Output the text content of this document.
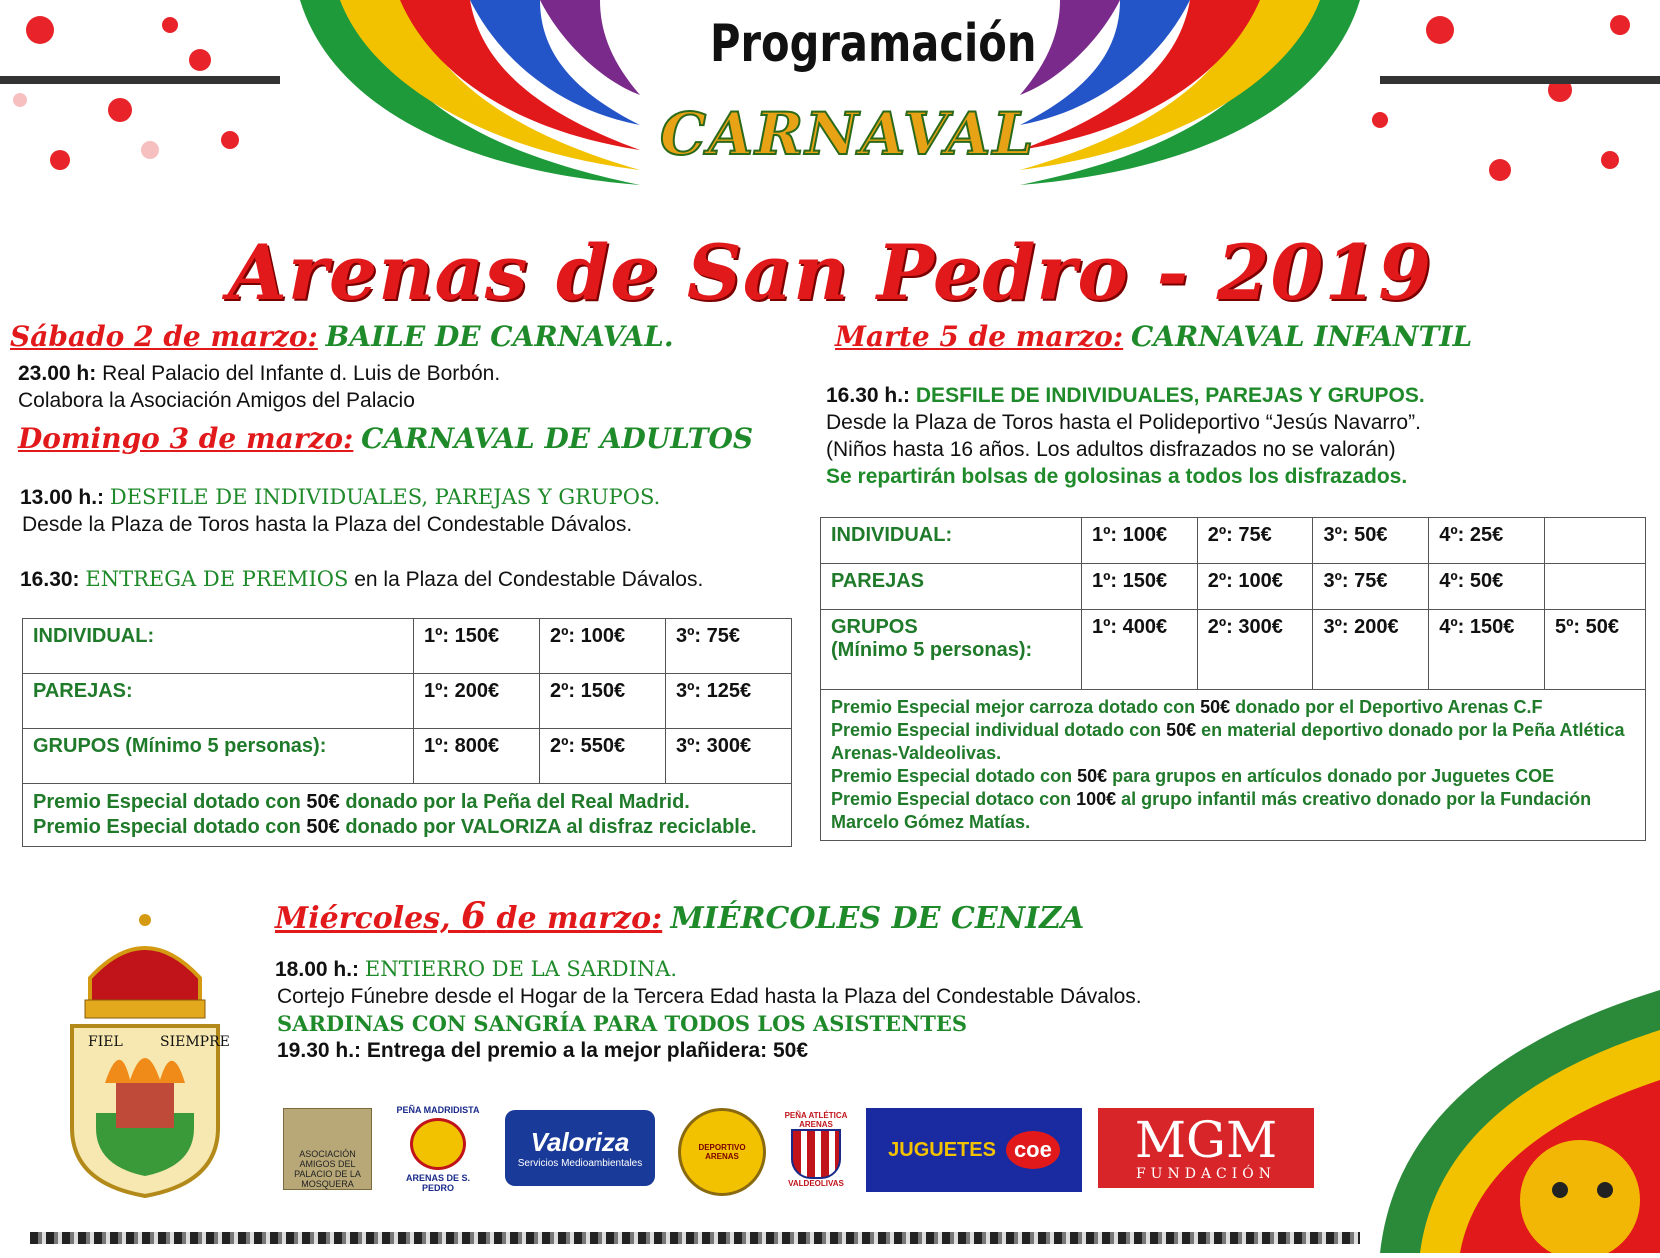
Programación
CARNAVAL
Arenas de San Pedro - 2019
Sábado 2 de marzo: BAILE DE CARNAVAL.
23.00 h: Real Palacio del Infante d. Luis de Borbón.
Colabora la Asociación Amigos del Palacio
Domingo 3 de marzo: CARNAVAL DE ADULTOS
13.00 h.: DESFILE DE INDIVIDUALES, PAREJAS Y GRUPOS.
Desde la Plaza de Toros hasta la Plaza del Condestable Dávalos.
16.30: ENTREGA DE PREMIOS en la Plaza del Condestable Dávalos.
INDIVIDUAL:	1º: 150€	2º: 100€	3º: 75€
PAREJAS:	1º: 200€	2º: 150€	3º: 125€
GRUPOS (Mínimo 5 personas):	1º: 800€	2º: 550€	3º: 300€
Premio Especial dotado con 50€ donado por la Peña del Real Madrid.
Premio Especial dotado con 50€ donado por VALORIZA al disfraz reciclable.			
Marte 5 de marzo: CARNAVAL INFANTIL
16.30 h.: DESFILE DE INDIVIDUALES, PAREJAS Y GRUPOS.
Desde la Plaza de Toros hasta el Polideportivo “Jesús Navarro”.
(Niños hasta 16 años. Los adultos disfrazados no se valorán)
Se repartirán bolsas de golosinas a todos los disfrazados.
INDIVIDUAL:	1º: 100€	2º: 75€	3º: 50€	4º: 25€	
PAREJAS	1º: 150€	2º: 100€	3º: 75€	4º: 50€	
GRUPOS
(Mínimo 5 personas):	1º: 400€	2º: 300€	3º: 200€	4º: 150€	5º: 50€
Premio Especial mejor carroza dotado con 50€ donado por el Deportivo Arenas C.F
Premio Especial individual dotado con 50€ en material deportivo donado por la Peña Atlética Arenas-Valdeolivas.
Premio Especial dotado con 50€ para grupos en artículos donado por Juguetes COE
Premio Especial dotaco con 100€ al grupo infantil más creativo donado por la Fundación Marcelo Gómez Matías.					
Miércoles, 6 de marzo: MIÉRCOLES DE CENIZA
18.00 h.: ENTIERRO DE LA SARDINA.
Cortejo Fúnebre desde el Hogar de la Tercera Edad hasta la Plaza del Condestable Dávalos.
SARDINAS CON SANGRÍA PARA TODOS LOS ASISTENTES
19.30 h.: Entrega del premio a la mejor plañidera: 50€
FIEL	SIEMPRE
ASOCIACIÓN AMIGOS DEL PALACIO DE LA MOSQUERA
PEÑA MADRIDISTA
ARENAS DE S. PEDRO
Valoriza
Servicios Medioambientales
DEPORTIVO ARENAS
PEÑA ATLÉTICA ARENAS
VALDEOLIVAS
JUGUETES coe MGM
FUNDACIÓN
